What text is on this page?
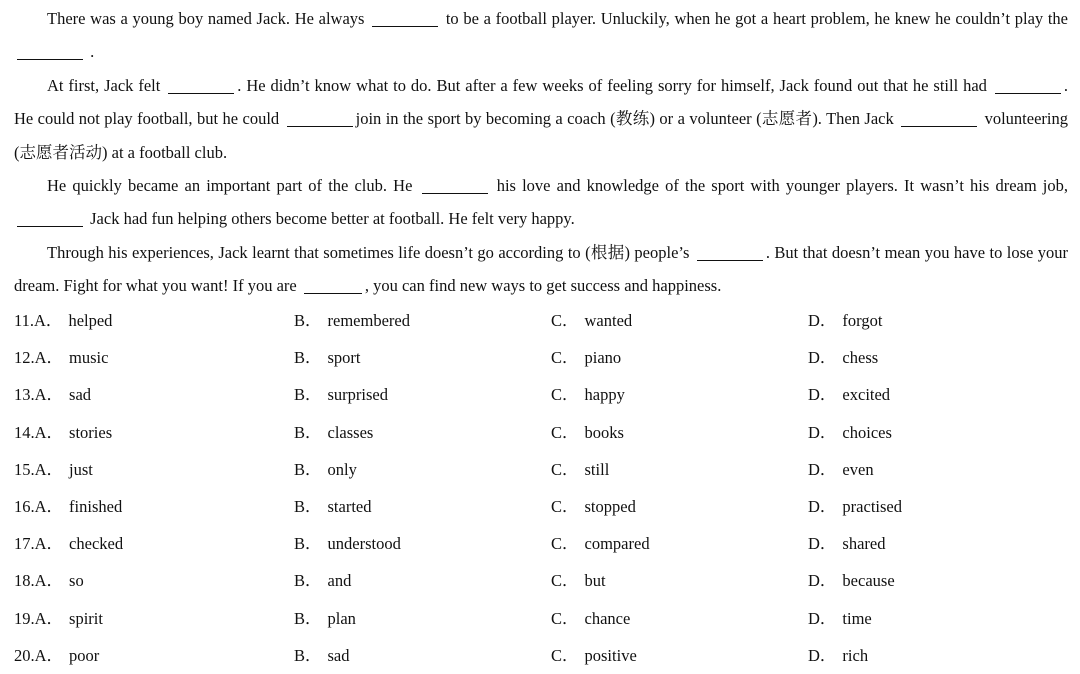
There was a young boy named Jack. He always	to be a football player. Unluckily, when he got a heart problem, he knew he couldn’t play the  .

At first, Jack felt	. He didn’t know what to do. But after a few weeks of feeling sorry for himself, Jack found out that he still had	. He could not play football, but he could	join in the sport by becoming a coach (教练) or a volunteer (志愿者). Then Jack	volunteering (志愿者活动) at a football club.

He quickly became an important part of the club. He	his love and knowledge of the sport with younger players. It wasn’t his dream job,  Jack had fun helping others become better at football. He felt very happy.

Through his experiences, Jack learnt that sometimes life doesn’t go according to (根据) people’s	. But that doesn’t mean you have to lose your dream. Fight for what you want! If you are	, you can find new ways to get success and happiness.

11.A． helped	B． remembered	C． wanted	D． forgot
12.A． music	B． sport	C． piano	D． chess
13.A． sad	B． surprised	C． happy	D． excited
14.A． stories	B． classes	C． books	D． choices
15.A． just	B． only	C． still	D． even
16.A． finished	B． started	C． stopped	D． practised
17.A． checked	B． understood	C． compared	D． shared
18.A． so	B． and	C． but	D． because
19.A． spirit	B． plan	C． chance	D． time
20.A． poor	B． sad	C． positive	D． rich
